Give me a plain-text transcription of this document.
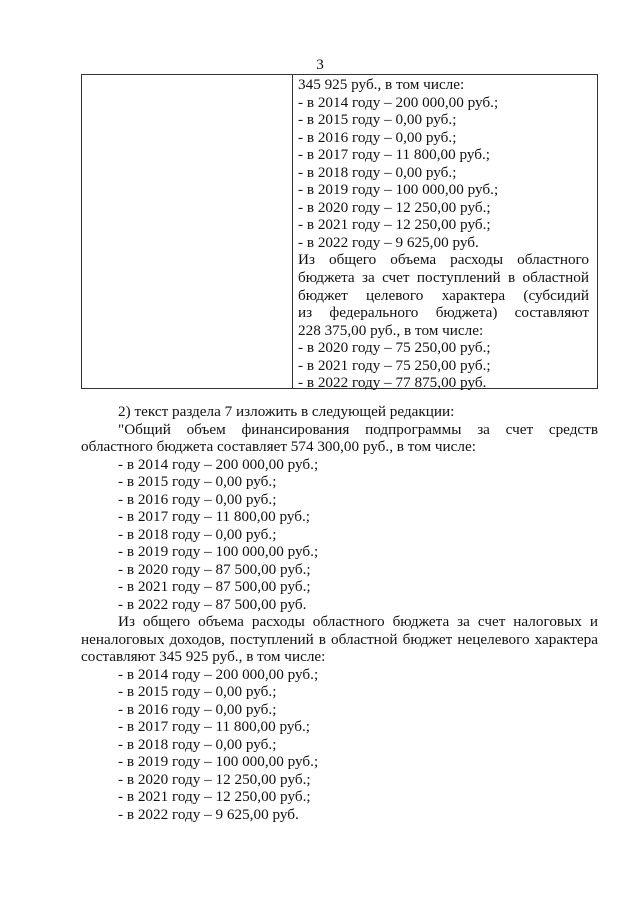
3
345 925 руб., в том числе:
- в 2014 году – 200 000,00 руб.;
- в 2015 году – 0,00 руб.;
- в 2016 году – 0,00 руб.;
- в 2017 году – 11 800,00 руб.;
- в 2018 году – 0,00 руб.;
- в 2019 году – 100 000,00 руб.;
- в 2020 году – 12 250,00 руб.;
- в 2021 году – 12 250,00 руб.;
- в 2022 году – 9 625,00 руб.
Из общего объема расходы областного
бюджета за счет поступлений в областной
бюджет целевого характера (субсидий
из федерального бюджета) составляют
228 375,00 руб., в том числе:
- в 2020 году – 75 250,00 руб.;
- в 2021 году – 75 250,00 руб.;
- в 2022 году – 77 875,00 руб.
2) текст раздела 7 изложить в следующей редакции:
"Общий объем финансирования подпрограммы за счет средств
областного бюджета составляет 574 300,00 руб., в том числе:
- в 2014 году – 200 000,00 руб.;
- в 2015 году – 0,00 руб.;
- в 2016 году – 0,00 руб.;
- в 2017 году – 11 800,00 руб.;
- в 2018 году – 0,00 руб.;
- в 2019 году – 100 000,00 руб.;
- в 2020 году – 87 500,00 руб.;
- в 2021 году – 87 500,00 руб.;
- в 2022 году – 87 500,00 руб.
Из общего объема расходы областного бюджета за счет налоговых и
неналоговых доходов, поступлений в областной бюджет нецелевого характера
составляют 345 925 руб., в том числе:
- в 2014 году – 200 000,00 руб.;
- в 2015 году – 0,00 руб.;
- в 2016 году – 0,00 руб.;
- в 2017 году – 11 800,00 руб.;
- в 2018 году – 0,00 руб.;
- в 2019 году – 100 000,00 руб.;
- в 2020 году – 12 250,00 руб.;
- в 2021 году – 12 250,00 руб.;
- в 2022 году – 9 625,00 руб.
